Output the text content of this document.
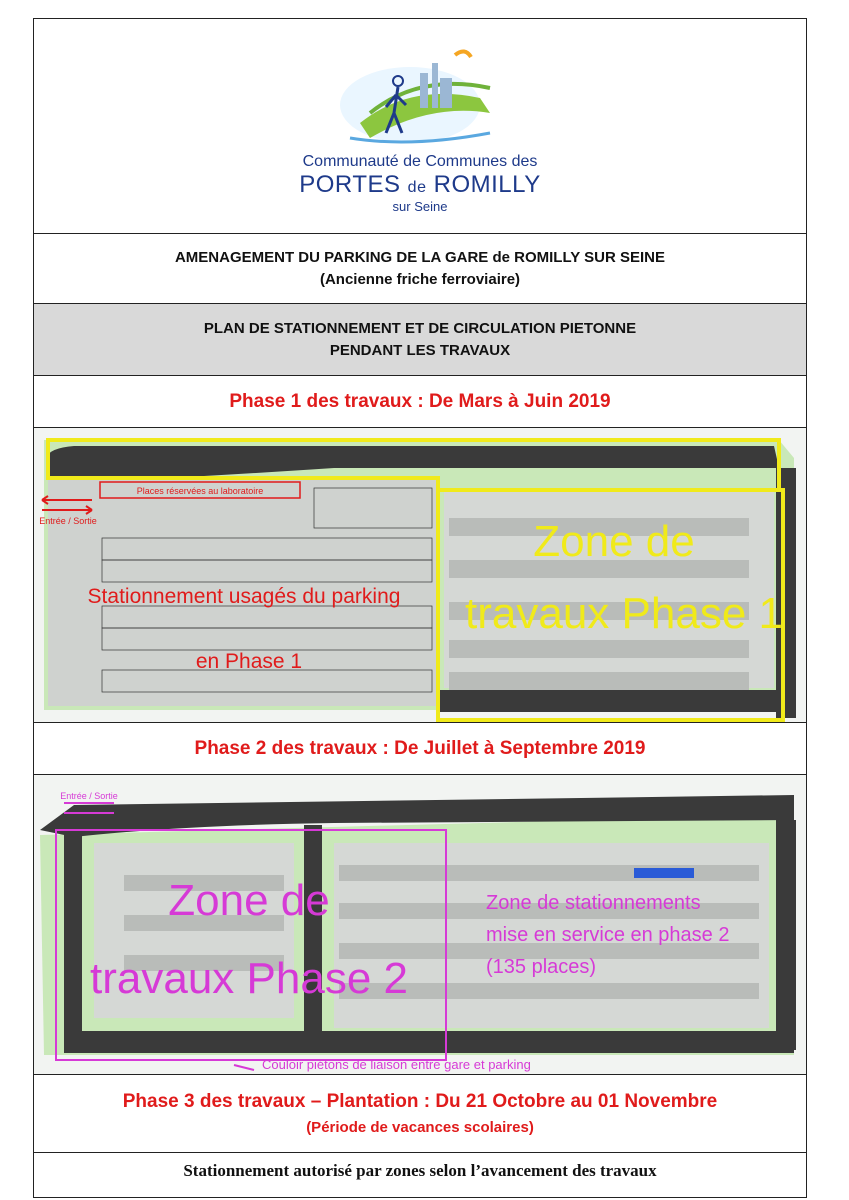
Communauté de Communes des
PORTES de ROMILLY
sur Seine
AMENAGEMENT DU PARKING DE LA GARE de ROMILLY SUR SEINE
(Ancienne friche ferroviaire)
PLAN DE STATIONNEMENT ET DE CIRCULATION PIETONNE
PENDANT LES TRAVAUX
Phase 1 des travaux : De Mars à Juin 2019
Places réservées au laboratoire
Entrée / Sortie
Stationnement usagés du parking
en Phase 1
Zone de
travaux Phase 1
Phase 2 des travaux : De Juillet à Septembre 2019
Entrée / Sortie
Zone de
travaux Phase 2
Zone de stationnements
mise en service en phase 2
(135 places)
Couloir piétons de liaison entre gare et parking
Phase 3 des travaux – Plantation : Du 21 Octobre au 01 Novembre
(Période de vacances scolaires)
Stationnement autorisé par zones selon l’avancement des travaux
